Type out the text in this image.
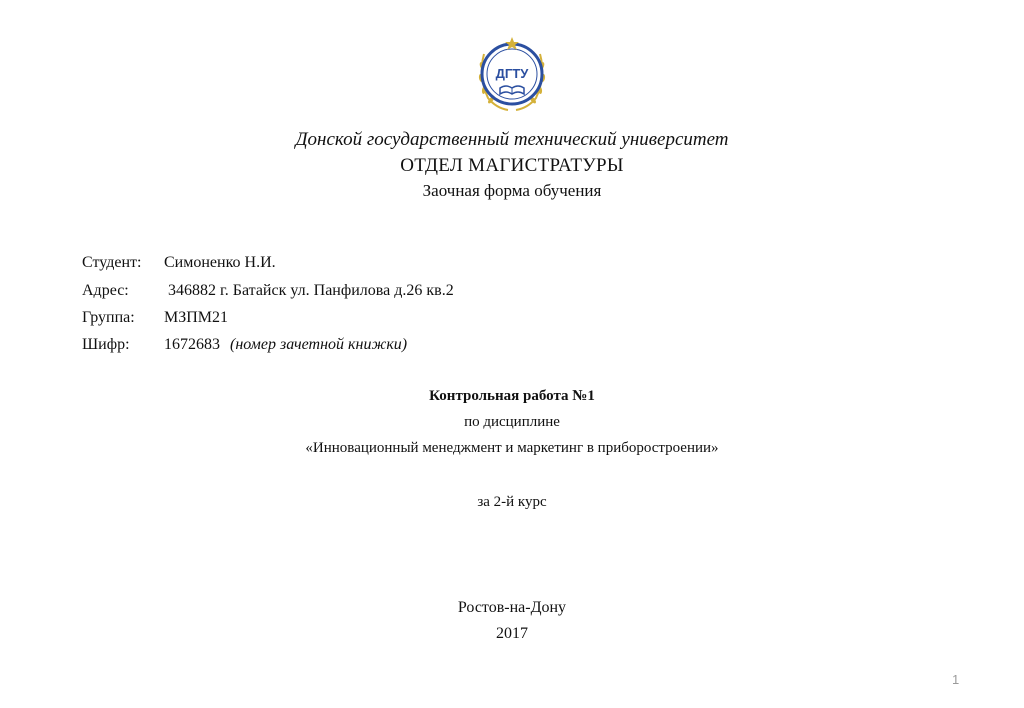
ДГТУ
Донской государственный технический университет
ОТДЕЛ МАГИСТРАТУРЫ
Заочная форма обучения
Студент: Симоненко Н.И.
Адрес: 346882 г. Батайск ул. Панфилова д.26 кв.2
Группа: МЗПМ21
Шифр: 1672683 (номер зачетной книжки)
Контрольная работа №1
по дисциплине
«Инновационный менеджмент и маркетинг в приборостроении»
за 2-й курс
Ростов-на-Дону
2017
1
